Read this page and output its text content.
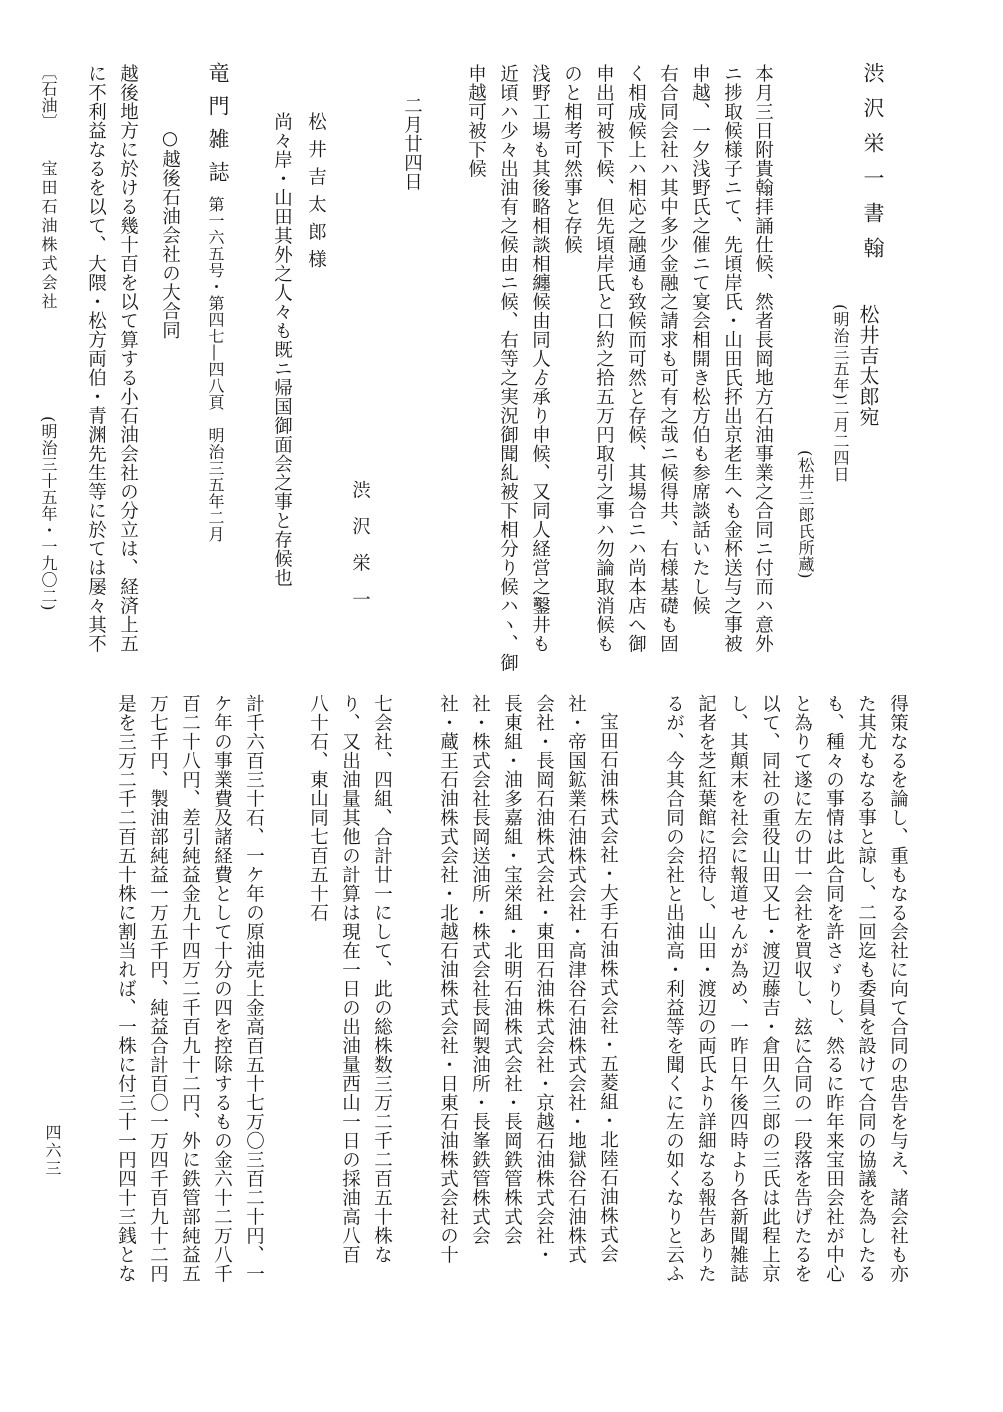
渋沢栄一書翰
松井吉太郎宛
(明治三五年)二月二四日
(松井三郎氏所蔵)
本月三日附貴翰拝誦仕候、然者長岡地方石油事業之合同ニ付而ハ意外
ニ捗取候様子ニて、先頃岸氏・山田氏抔出京老生へも金杯送与之事被
申越、一夕浅野氏之催ニて宴会相開き松方伯も参席談話いたし候
右合同会社ハ其中多少金融之請求も可有之哉ニ候得共、右様基礎も固
く相成候上ハ相応之融通も致候而可然と存候、其場合ニハ尚本店へ御
申出可被下候、但先頃岸氏と口約之拾五万円取引之事ハ勿論取消候も
のと相考可然事と存候
浅野工場も其後略相談相纏候由同人ゟ承り申候、又同人経営之鑿井も
近頃ハ少々出油有之候由ニ候、右等之実況御聞糺被下相分り候ハヽ、御
申越可被下候
二月廿四日
渋沢栄一
松井吉太郎様
尚々岸・山田其外之人々も既ニ帰国御面会之事と存候也
竜門雑誌
第一六五号・第四七―四八頁　明治三五年二月
○越後石油会社の大合同
越後地方に於ける幾十百を以て算する小石油会社の分立は、経済上五
に不利益なるを以て、大隈・松方両伯・青渊先生等に於ては屡々其不
〔石油〕
宝田石油株式会社
(明治三十五年・一九〇二)
得策なるを論し、重もなる会社に向て合同の忠告を与え、諸会社も亦
た其尤もなる事と諒し、二回迄も委員を設けて合同の協議を為したる
も、種々の事情は此合同を許さゞりし、然るに昨年来宝田会社が中心
と為りて遂に左の廿一会社を買収し、玆に合同の一段落を告げたるを
以て、同社の重役山田又七・渡辺藤吉・倉田久三郎の三氏は此程上京
し、其顛末を社会に報道せんが為め、一昨日午後四時より各新聞雑誌
記者を芝紅葉館に招待し、山田・渡辺の両氏より詳細なる報告ありた
るが、今其合同の会社と出油高・利益等を聞くに左の如くなりと云ふ
宝田石油株式会社・大手石油株式会社・五菱組・北陸石油株式会
社・帝国鉱業石油株式会社・高津谷石油株式会社・地獄谷石油株式
会社・長岡石油株式会社・東田石油株式会社・京越石油株式会社・
長東組・油多嘉組・宝栄組・北明石油株式会社・長岡鉄管株式会
社・株式会社長岡送油所・株式会社長岡製油所・長峯鉄管株式会
社・蔵王石油株式会社・北越石油株式会社・日東石油株式会社の十
七会社、四組、合計廿一にして、此の総株数三万二千二百五十株な
り、又出油量其他の計算は現在一日の出油量西山一日の採油高八百
八十石、東山同七百五十石
計千六百三十石、一ケ年の原油売上金高百五十七万〇三百二十円、一
ケ年の事業費及諸経費として十分の四を控除するもの金六十二万八千
百二十八円、差引純益金九十四万二千百九十二円、外に鉄管部純益五
万七千円、製油部純益一万五千円、純益合計百〇一万四千百九十二円
是を三万二千二百五十株に割当れば、一株に付三十一円四十三銭とな
四六三
